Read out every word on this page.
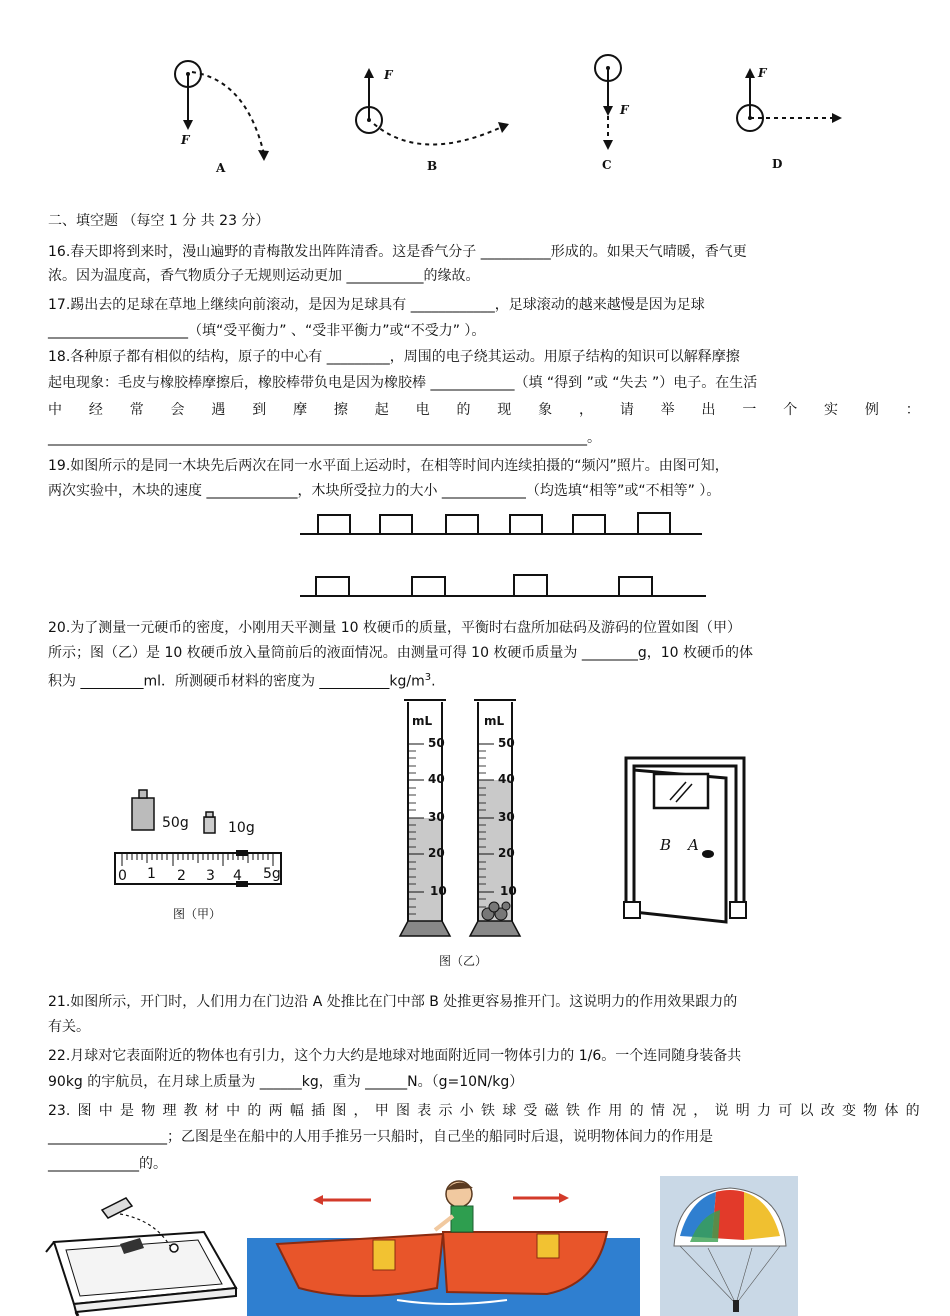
F
A
F
B
F
C
F
D
二、填空题 （每空 1 分 共 23 分）
16.春天即将到来时，漫山遍野的青梅散发出阵阵清香。这是香气分子 __________形成的。如果天气晴暖，香气更
浓。因为温度高，香气物质分子无规则运动更加 ___________的缘故。
17.踢出去的足球在草地上继续向前滚动，是因为足球具有 ____________，足球滚动的越来越慢是因为足球
____________________（填“受平衡力” 、“受非平衡力”或“不受力” ）。
18.各种原子都有相似的结构，原子的中心有 _________，周围的电子绕其运动。用原子结构的知识可以解释摩擦
起电现象：毛皮与橡胶棒摩擦后，橡胶棒带负电是因为橡胶棒 ____________（填 “得到 ”或 “失去 ”）电子。在生活
中 经 常 会 遇 到 摩 擦 起 电 的 现 象 ， 请 举 出 一 个 实 例 ：
_____________________________________________________________________________。
19.如图所示的是同一木块先后两次在同一水平面上运动时，在相等时间内连续拍摄的“频闪”照片。由图可知，
两次实验中，木块的速度 _____________，木块所受拉力的大小 ____________（均选填“相等”或“不相等” ）。
20.为了测量一元硬币的密度，小刚用天平测量 10 枚硬币的质量，平衡时右盘所加砝码及游码的位置如图（甲）
所示；图（乙）是 10 枚硬币放入量筒前后的液面情况。由测量可得 10 枚硬币质量为 ________g，10 枚硬币的体
积为 _________ml．所测硬币材料的密度为 $\_\_\_\_\_\_\_\_\_\_kg/m^3$.
50g	10g
0 1 2 3 4 5g
图（甲）
mL	mL
50
40
30
20
10
50
40
30
20
10
图（乙）
B A
21.如图所示，开门时，人们用力在门边沿 A 处推比在门中部 B 处推更容易推开门。这说明力的作用效果跟力的
有关。
22.月球对它表面附近的物体也有引力，这个力大约是地球对地面附近同一物体引力的 1/6。一个连同随身装备共
90kg 的宇航员，在月球上质量为 ______kg，重为 ______N。（g=10N/kg）
23. 图 中 是 物 理 教 材 中 的 两 幅 插 图 ， 甲 图 表 示 小 铁 球 受 磁 铁 作 用 的 情 况 ， 说 明 力 可 以 改 变 物 体 的
_________________；乙图是坐在船中的人用手推另一只船时，自己坐的船同时后退，说明物体间力的作用是
_____________的。
